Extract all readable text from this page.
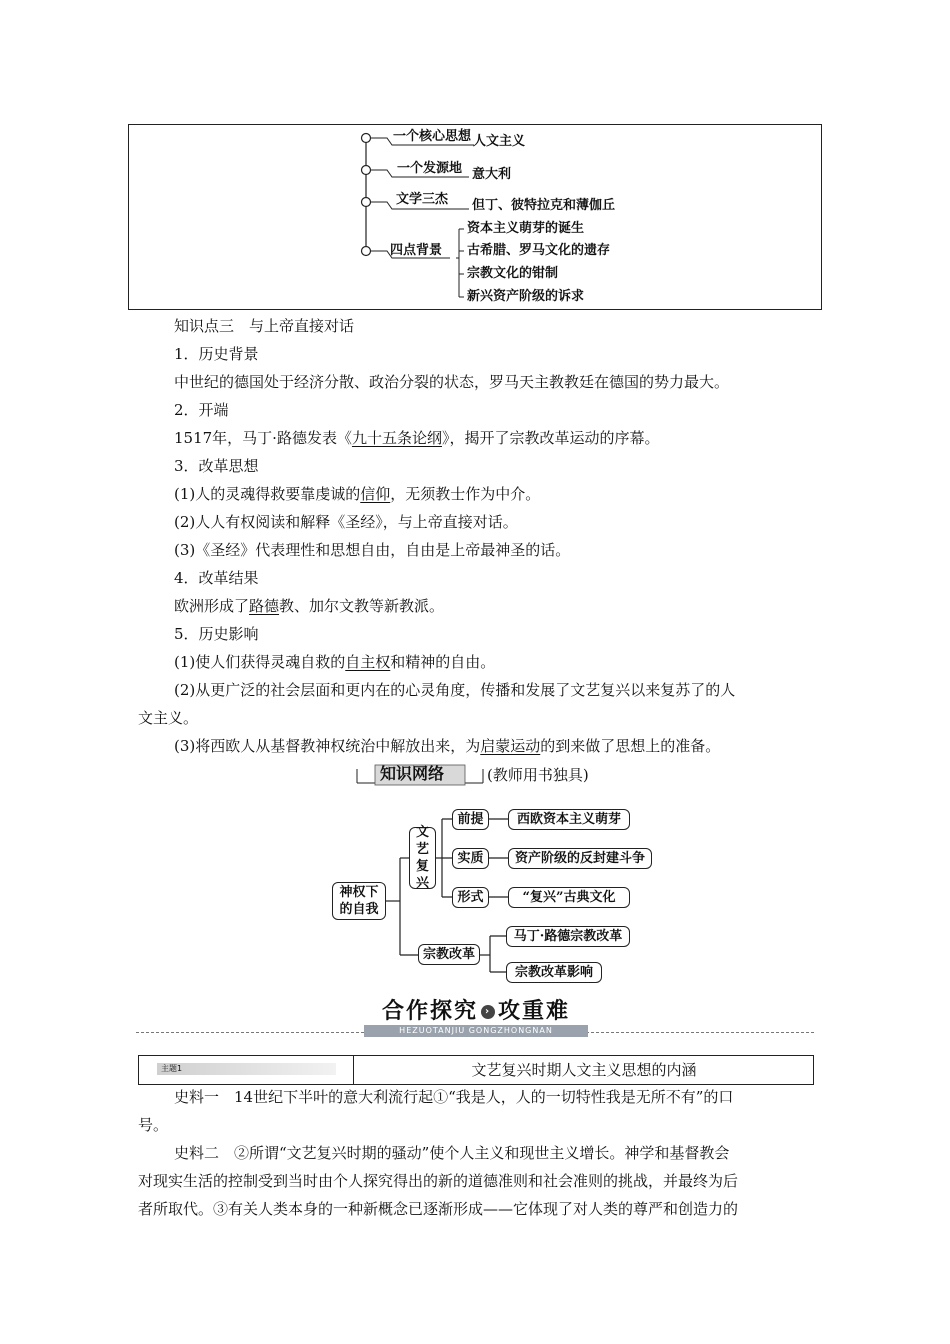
一个核心思想 人文主义
一个发源地 意大利
文学三杰 但丁、彼特拉克和薄伽丘
四点背景
资本主义萌芽的诞生
古希腊、罗马文化的遗存
宗教文化的钳制
新兴资产阶级的诉求
知识点三　与上帝直接对话
1．历史背景
中世纪的德国处于经济分散、政治分裂的状态，罗马天主教教廷在德国的势力最大。
2．开端
1517年，马丁·路德发表《九十五条论纲》，揭开了宗教改革运动的序幕。
3．改革思想
(1)人的灵魂得救要靠虔诚的信仰，无须教士作为中介。
(2)人人有权阅读和解释《圣经》，与上帝直接对话。
(3)《圣经》代表理性和思想自由，自由是上帝最神圣的话。
4．改革结果
欧洲形成了路德教、加尔文教等新教派。
5．历史影响
(1)使人们获得灵魂自救的自主权和精神的自由。
(2)从更广泛的社会层面和更内在的心灵角度，传播和发展了文艺复兴以来复苏了的人
文主义。
(3)将西欧人从基督教神权统治中解放出来，为启蒙运动的到来做了思想上的准备。
知识网络	(教师用书独具)
神权下的自我
文艺复兴
前提
实质
形式
西欧资本主义萌芽
资产阶级的反封建斗争
“复兴”古典文化
宗教改革
马丁·路德宗教改革
宗教改革影响
合作探究 › 攻重难
HEZUOTANJIU GONGZHONGNAN
主题1	文艺复兴时期人文主义思想的内涵
史料一　14世纪下半叶的意大利流行起①“我是人，人的一切特性我是无所不有”的口
号。
史料二　②所谓“文艺复兴时期的骚动”使个人主义和现世主义增长。神学和基督教会
对现实生活的控制受到当时由个人探究得出的新的道德准则和社会准则的挑战，并最终为后
者所取代。③有关人类本身的一种新概念已逐渐形成——它体现了对人类的尊严和创造力的
